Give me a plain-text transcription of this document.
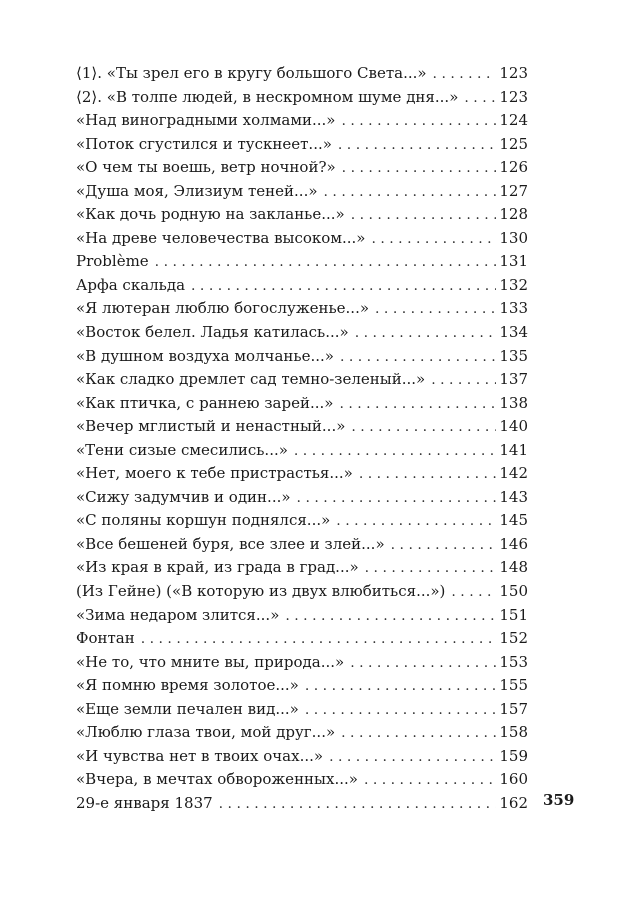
⟨1⟩. «Ты зрел его в кругу большого Света...» . . .	123
⟨2⟩. «В толпе людей, в нескромном шуме дня...» . . .	123
«Над виноградными холмами...» . . .	124
«Поток сгустился и тускнеет...» . . .	125
«О чем ты воешь, ветр ночной?» . . .	126
«Душа моя, Элизиум теней...» . . .	127
«Как дочь родную на закланье...» . . .	128
«На древе человечества высоком...» . . .	130
Problème . . .	131
Арфа скальда . . .	132
«Я лютеран люблю богослуженье...» . . .	133
«Восток белел. Ладья катилась...» . . .	134
«В душном воздуха молчанье...» . . .	135
«Как сладко дремлет сад темно-зеленый...» . . .	137
«Как птичка, с раннею зарей...» . . .	138
«Вечер мглистый и ненастный...» . . .	140
«Тени сизые смесились...» . . .	141
«Нет, моего к тебе пристрастья...» . . .	142
«Сижу задумчив и один...» . . .	143
«С поляны коршун поднялся...» . . .	145
«Все бешеней буря, все злее и злей...» . . .	146
«Из края в край, из града в град...» . . .	148
(Из Гейне) («В которую из двух влюбиться...») . . .	150
«Зима недаром злится...» . . .	151
Фонтан . . .	152
«Не то, что мните вы, природа...» . . .	153
«Я помню время золотое...» . . .	155
«Еще земли печален вид...» . . .	157
«Люблю глаза твои, мой друг...» . . .	158
«И чувства нет в твоих очах...» . . .	159
«Вчера, в мечтах обвороженных...» . . .	160
29-е января 1837 . . .	162 359
